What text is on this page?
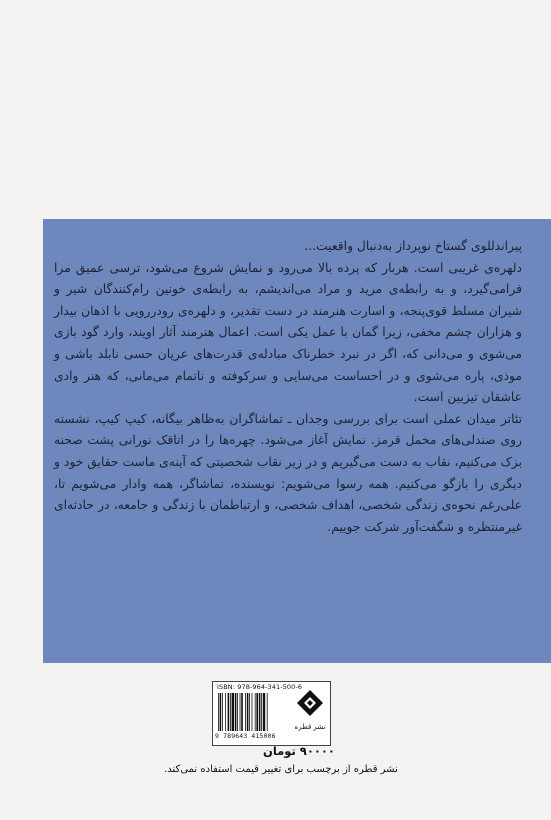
پیراندللوی گستاخ نوپرداز به‌دنبال واقعیت...

دلهره‌ی غریبی است. هربار که پرده بالا می‌رود و نمایش شروع می‌شود، ترسی عمیق مرا فرامی‌گیرد، و به رابطه‌ی مرید و مراد می‌اندیشم، به رابطه‌ی خونین رام‌کنندگان شیر و شیران مسلط قوی‌پنجه، و اسارت هنرمند در دست تقدیر، و دلهره‌ی رودررویی با اذهان بیدار و هزاران چشم مخفی، زیرا گمان با عمل یکی است. اعمال هنرمند آثار اویند، وارد گود بازی می‌شوی و می‌دانی که، اگر در نبرد خطرناک مبادله‌ی قدرت‌های عریان حسی نابلد باشی و موذی، پاره می‌شوی و در احساست می‌سایی و سرکوفته و ناتمام می‌مانی، که هنر وادی عاشقان تیزبین است.

تئاتر میدان عملی است برای بررسی وجدان ـ تماشاگران به‌ظاهر بیگانه، کیپ کیپ، نشسته روی صندلی‌های مخمل قرمز. نمایش آغاز می‌شود. چهره‌ها را در اتاقک نورانی پشت صحنه بزک می‌کنیم، نقاب به دست می‌گیریم و در زیر نقاب شخصیتی که آینه‌ی ماست حقایق خود و دیگری را بازگو می‌کنیم. همه رسوا می‌شویم: نویسنده، تماشاگر، همه وادار می‌شویم تا، علی‌رغم نحوه‌ی زندگی شخصی، اهداف شخصی، و ارتباطمان با زندگی و جامعه، در حادثه‌ای غیرمنتظره و شگفت‌آور شرکت جوییم.

ISBN: 978-964-341-500-6
9 789643 415006
نشر قطره
۹۰۰۰۰ تومان
نشر قطره از برچسب برای تغییر قیمت استفاده نمی‌کند.
